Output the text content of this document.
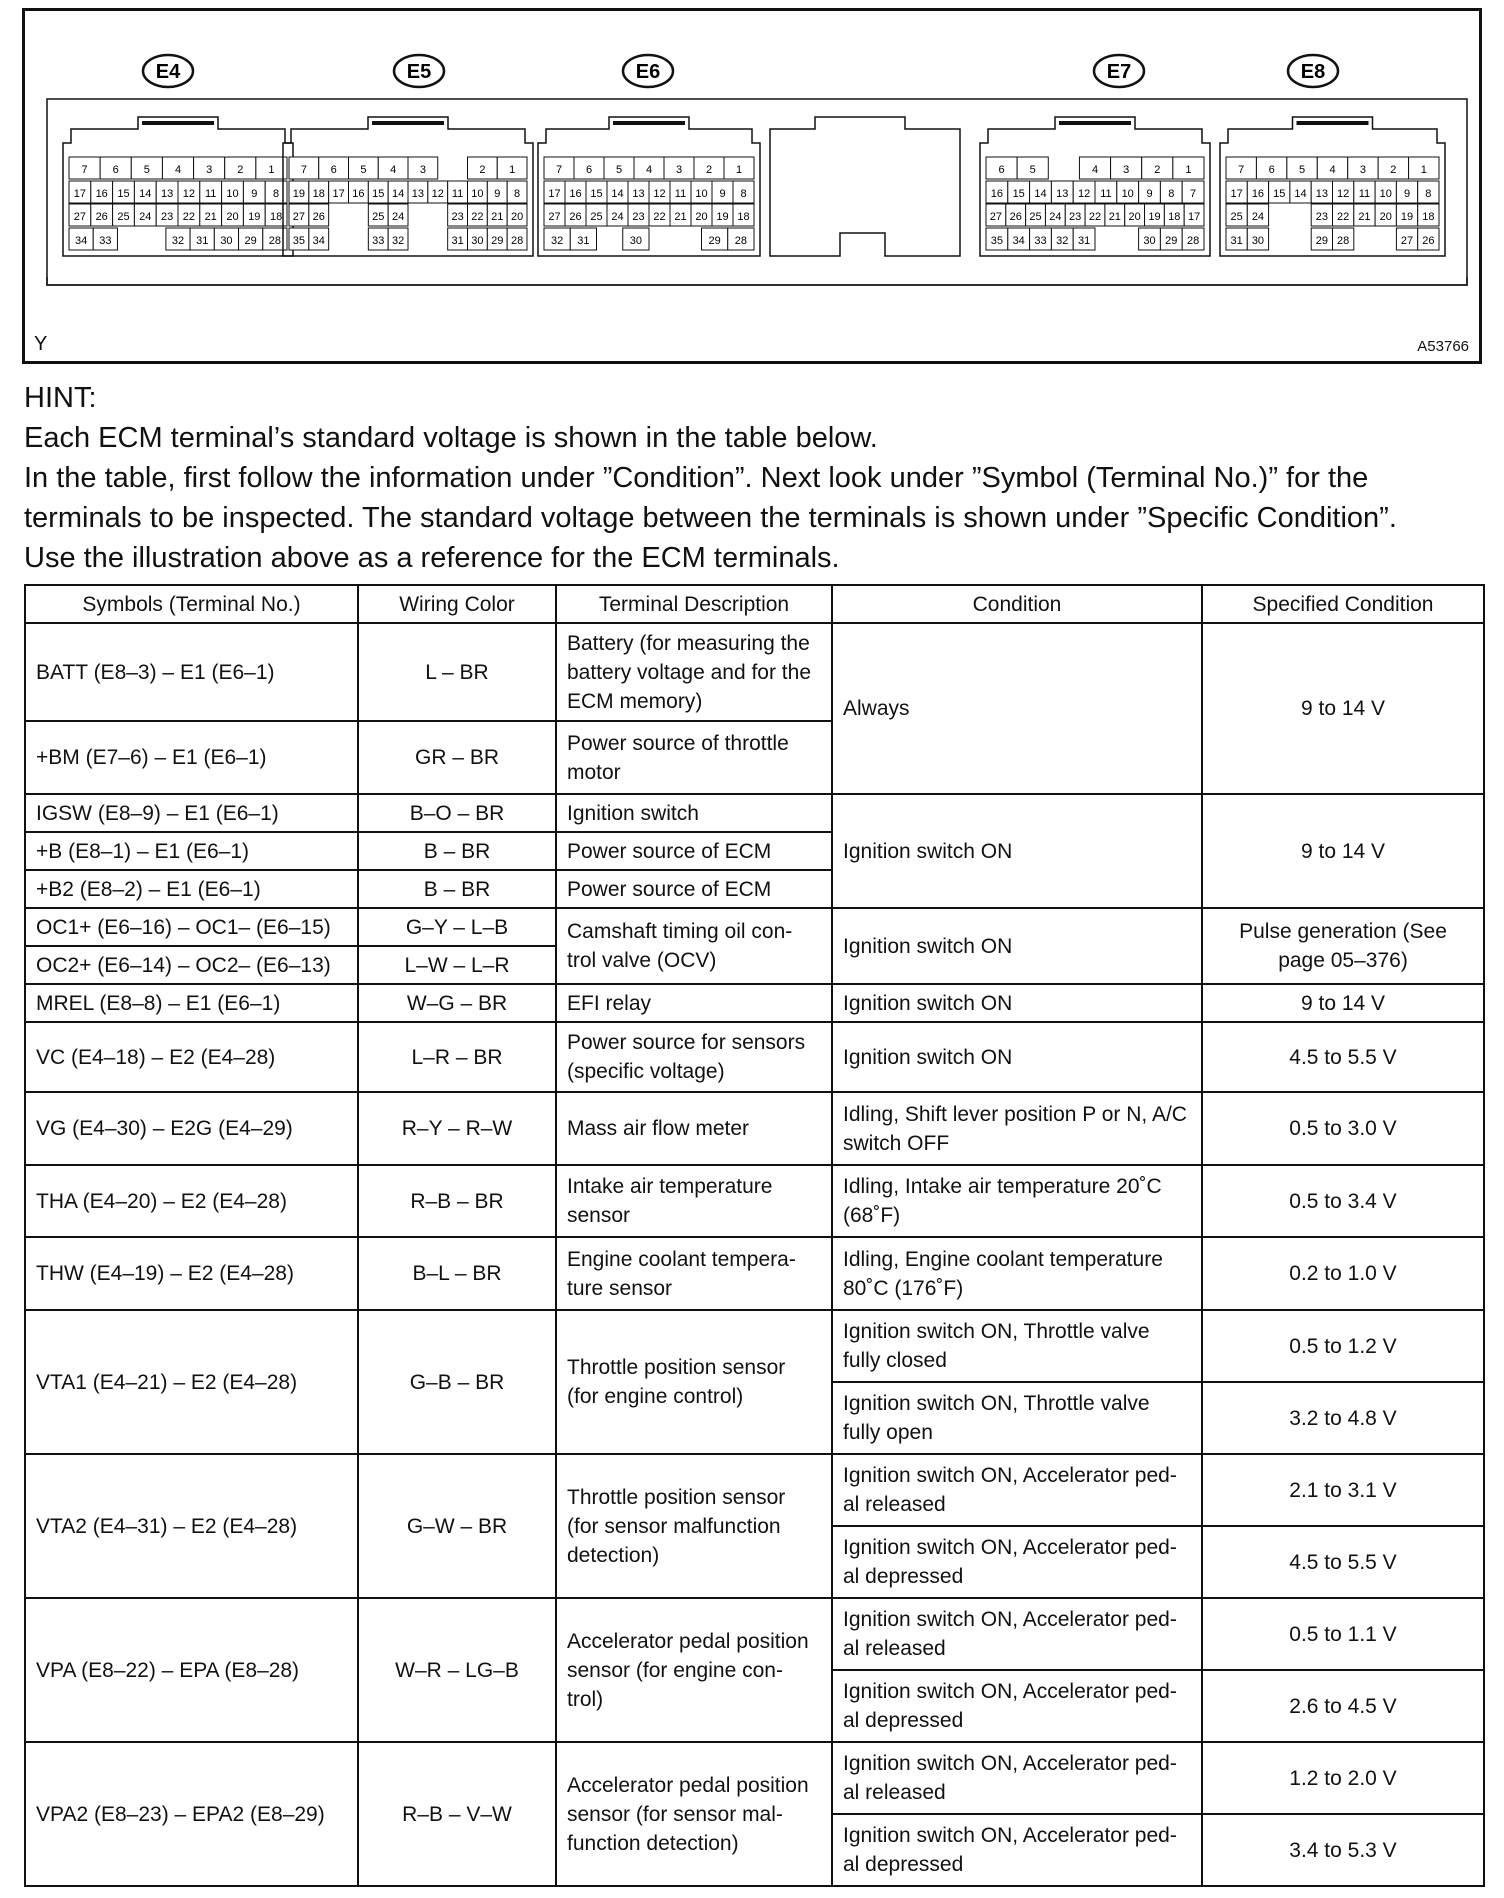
E4
7 6 5 4 3 2 1
17 16 15 14 13 12 11 10 9 8
27 26 25 24 23 22 21 20 19 18
34 33	32 31 30 29 28
E5
7 6 5 4 3	2 1
19 18 17 16 15 14 13 12 11 10 9 8
27 26	25 24	23 22 21 20
35 34	33 32	31 30 29 28
E6
7 6 5 4 3 2 1
17 16 15 14 13 12 11 10 9 8
27 26 25 24 23 22 21 20 19 18
32 31	30	29 28
E7
6 5	4 3 2 1
16 15 14 13 12 11 10 9 8 7
27 26 25 24 23 22 21 20 19 18 17
35 34 33 32 31	30 29 28
E8
7 6 5 4 3 2 1
17 16 15 14 13 12 11 10 9 8
25 24	23 22 21 20 19 18
31 30	29 28	27 26
Y	A53766

HINT:

Each ECM terminal’s standard voltage is shown in the table below.

In the table, first follow the information under ”Condition”. Next look under ”Symbol (Terminal No.)” for the terminals to be inspected. The standard voltage between the terminals is shown under ”Specific Condition”.

Use the illustration above as a reference for the ECM terminals.

Symbols (Terminal No.)	Wiring Color	Terminal Description	Condition	Specified Condition
BATT (E8–3) – E1 (E6–1)	L – BR	Battery (for measuring the battery voltage and for the ECM memory)	Always	9 to 14 V
+BM (E7–6) – E1 (E6–1)	GR – BR	Power source of throttle motor		
IGSW (E8–9) – E1 (E6–1)	B–O – BR	Ignition switch	Ignition switch ON	9 to 14 V
+B (E8–1) – E1 (E6–1)	B – BR	Power source of ECM		
+B2 (E8–2) – E1 (E6–1)	B – BR	Power source of ECM		
OC1+ (E6–16) – OC1– (E6–15)	G–Y – L–B	Camshaft timing oil con- trol valve (OCV)	Ignition switch ON	Pulse generation (See page 05–376)
OC2+ (E6–14) – OC2– (E6–13)	L–W – L–R			
MREL (E8–8) – E1 (E6–1)	W–G – BR	EFI relay	Ignition switch ON	9 to 14 V
VC (E4–18) – E2 (E4–28)	L–R – BR	Power source for sensors (specific voltage)	Ignition switch ON	4.5 to 5.5 V
VG (E4–30) – E2G (E4–29)	R–Y – R–W	Mass air flow meter	Idling, Shift lever position P or N, A/C switch OFF	0.5 to 3.0 V
THA (E4–20) – E2 (E4–28)	R–B – BR	Intake air temperature sensor	Idling, Intake air temperature 20˚C (68˚F)	0.5 to 3.4 V
THW (E4–19) – E2 (E4–28)	B–L – BR	Engine coolant tempera- ture sensor	Idling, Engine coolant temperature 80˚C (176˚F)	0.2 to 1.0 V
VTA1 (E4–21) – E2 (E4–28)	G–B – BR	Throttle position sensor (for engine control)	Ignition switch ON, Throttle valve fully closed	0.5 to 1.2 V
			Ignition switch ON, Throttle valve fully open	3.2 to 4.8 V
VTA2 (E4–31) – E2 (E4–28)	G–W – BR	Throttle position sensor (for sensor malfunction detection)	Ignition switch ON, Accelerator ped- al released	2.1 to 3.1 V
			Ignition switch ON, Accelerator ped- al depressed	4.5 to 5.5 V
VPA (E8–22) – EPA (E8–28)	W–R – LG–B	Accelerator pedal position sensor (for engine con- trol)	Ignition switch ON, Accelerator ped- al released	0.5 to 1.1 V
			Ignition switch ON, Accelerator ped- al depressed	2.6 to 4.5 V
VPA2 (E8–23) – EPA2 (E8–29)	R–B – V–W	Accelerator pedal position sensor (for sensor mal- function detection)	Ignition switch ON, Accelerator ped- al released	1.2 to 2.0 V
			Ignition switch ON, Accelerator ped- al depressed	3.4 to 5.3 V
